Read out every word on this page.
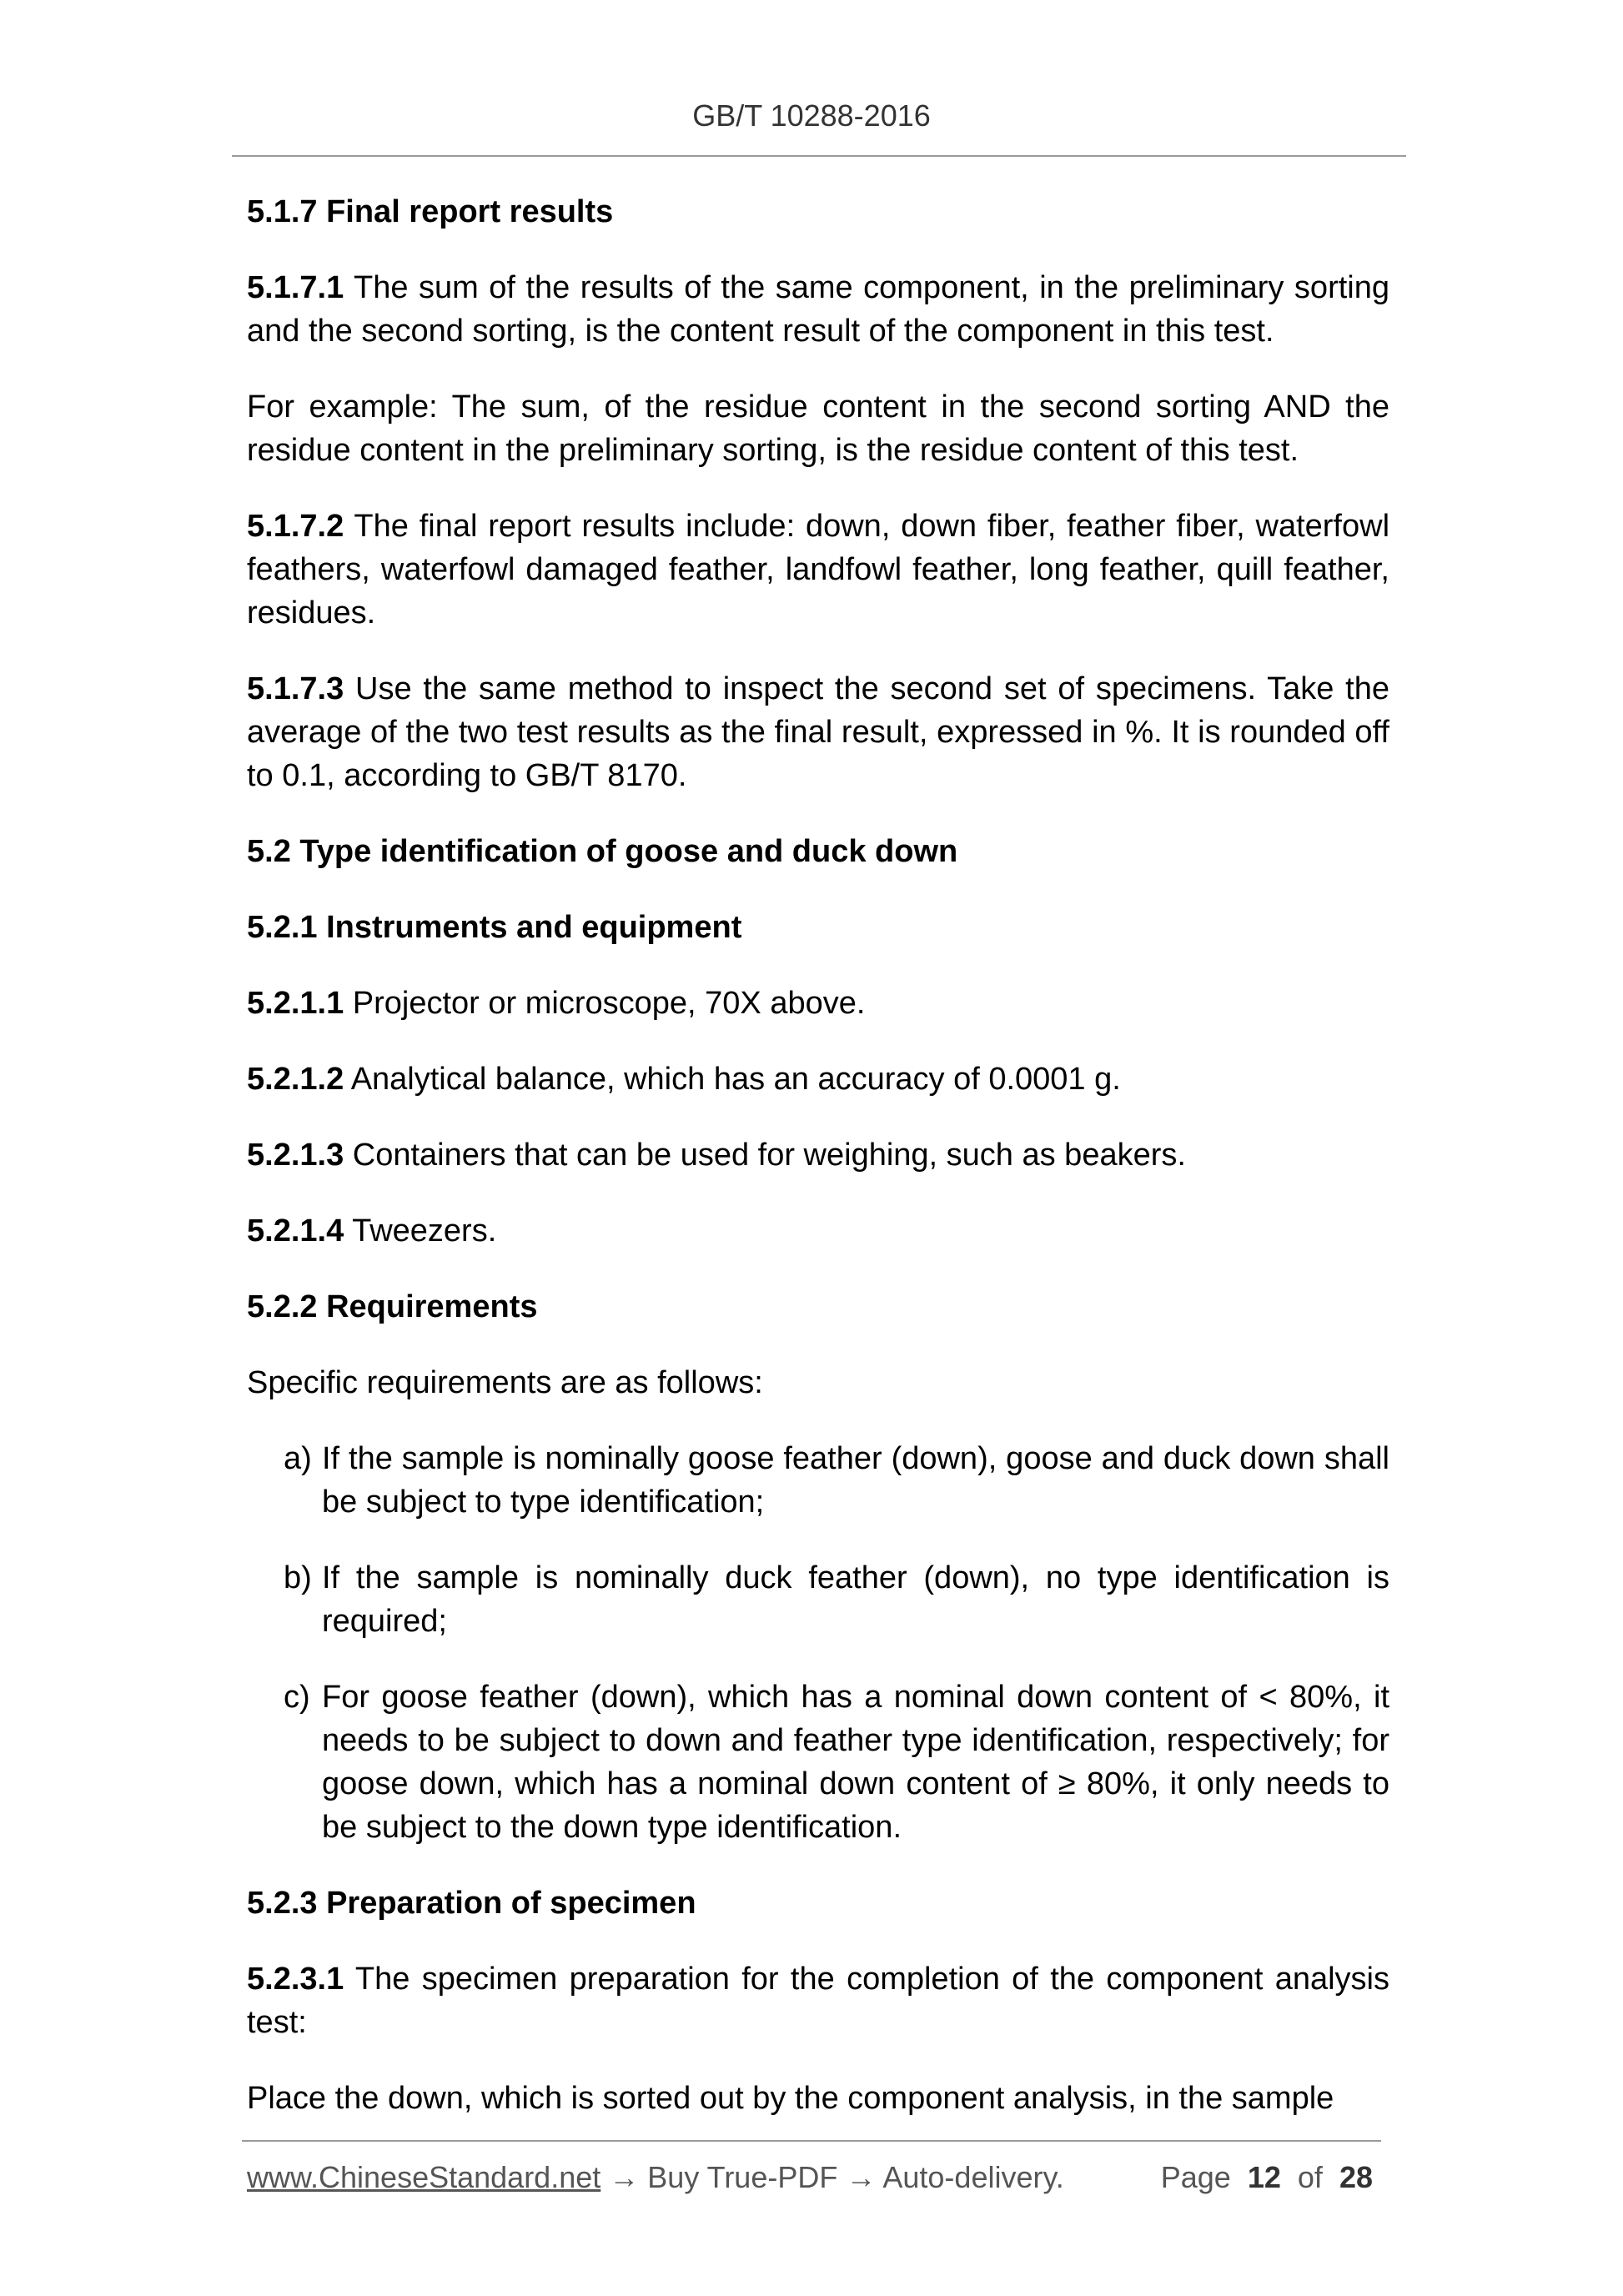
GB/T 10288-2016
5.1.7 Final report results

5.1.7.1 The sum of the results of the same component, in the preliminary sorting and the second sorting, is the content result of the component in this test.

For example: The sum, of the residue content in the second sorting AND the residue content in the preliminary sorting, is the residue content of this test.

5.1.7.2 The final report results include: down, down fiber, feather fiber, waterfowl feathers, waterfowl damaged feather, landfowl feather, long feather, quill feather, residues.

5.1.7.3 Use the same method to inspect the second set of specimens. Take the average of the two test results as the final result, expressed in %. It is rounded off to 0.1, according to GB/T 8170.

5.2 Type identification of goose and duck down
5.2.1 Instruments and equipment

5.2.1.1 Projector or microscope, 70X above.

5.2.1.2 Analytical balance, which has an accuracy of 0.0001 g.

5.2.1.3 Containers that can be used for weighing, such as beakers.

5.2.1.4 Tweezers.

5.2.2 Requirements

Specific requirements are as follows:

a) If the sample is nominally goose feather (down), goose and duck down shall be subject to type identification;
b) If the sample is nominally duck feather (down), no type identification is required;
c) For goose feather (down), which has a nominal down content of < 80%, it needs to be subject to down and feather type identification, respectively; for goose down, which has a nominal down content of ≥ 80%, it only needs to be subject to the down type identification.
5.2.3 Preparation of specimen

5.2.3.1 The specimen preparation for the completion of the component analysis test:

Place the down, which is sorted out by the component analysis, in the sample

www.ChineseStandard.net → Buy True-PDF → Auto-delivery.	Page 12 of 28
